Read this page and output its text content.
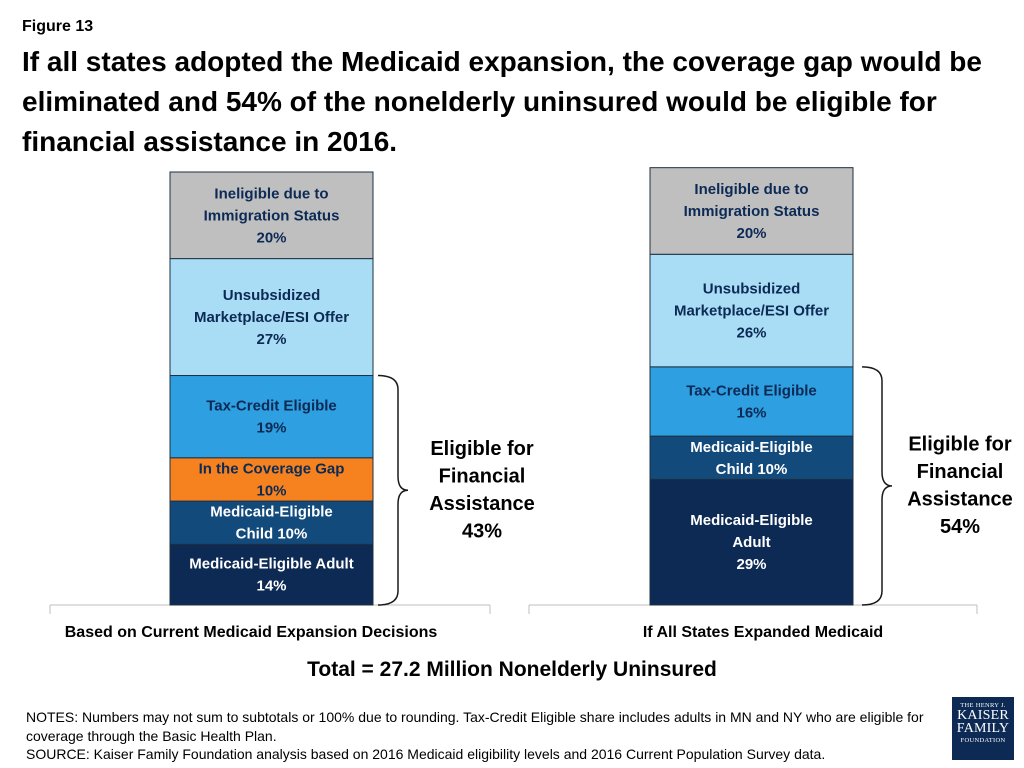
Figure 13
If all states adopted the Medicaid expansion, the coverage gap would be eliminated and 54% of the nonelderly uninsured would be eligible for financial assistance in 2016.
Medicaid-Eligible Adult
14%
Medicaid-Eligible
Child 10%
In the Coverage Gap
10%
Tax-Credit Eligible
19%
Unsubsidized
Marketplace/ESI Offer
27%
Ineligible due to
Immigration Status
20%
Medicaid-Eligible
Adult
29%
Medicaid-Eligible
Child 10%
Tax-Credit Eligible
16%
Unsubsidized
Marketplace/ESI Offer
26%
Ineligible due to
Immigration Status
20%
Eligible for
Financial
Assistance
43%
Eligible for
Financial
Assistance
54%
Based on Current Medicaid Expansion Decisions	If All States Expanded Medicaid
Total = 27.2 Million Nonelderly Uninsured
NOTES: Numbers may not sum to subtotals or 100% due to rounding. Tax-Credit Eligible share includes adults in MN and NY who are eligible for coverage through the Basic Health Plan.
SOURCE: Kaiser Family Foundation analysis based on 2016 Medicaid eligibility levels and 2016 Current Population Survey data.
THE HENRY J.
KAISER
FAMILY
FOUNDATION
